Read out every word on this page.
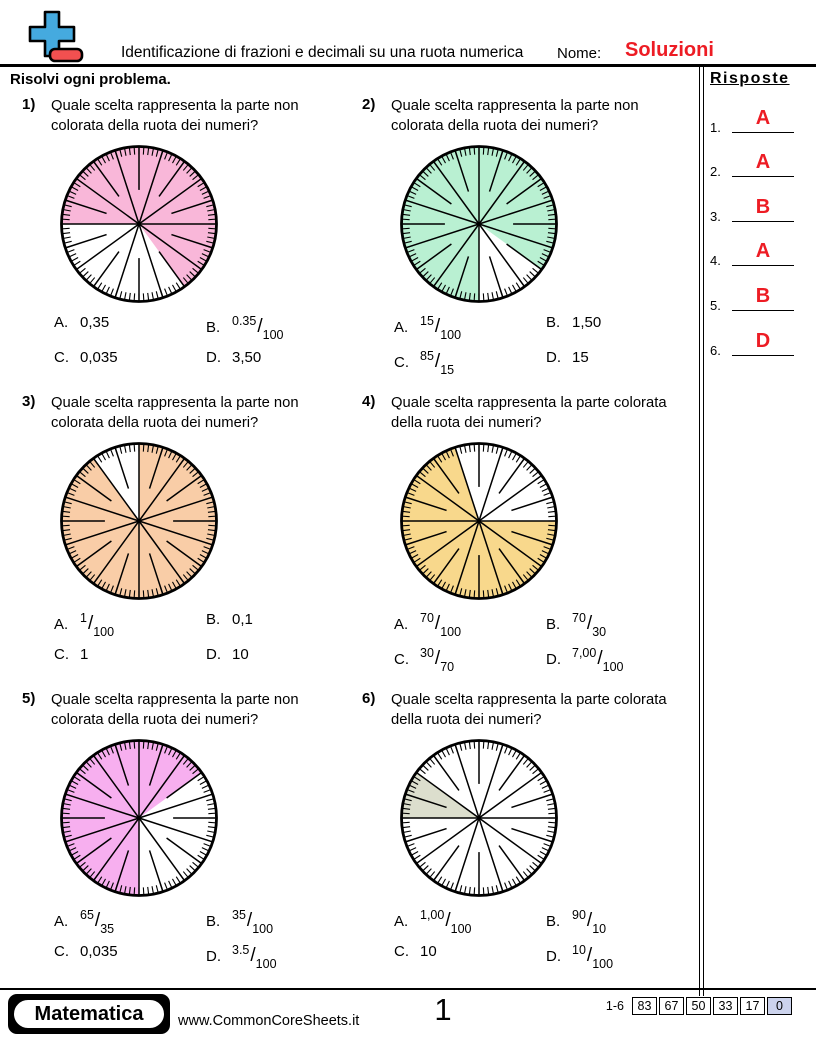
Identificazione di frazioni e decimali su una ruota numerica Nome: Soluzioni
Risolvi ogni problema.	Risposte
1.	A
2.	A
3.	B
4.	A
5.	B
6.	D
1)	Quale scelta rappresenta la parte non colorata della ruota dei numeri?
A. 0,35	B. $^{0.35}/_{100}$
C. 0,035	D. 3,50
2)	Quale scelta rappresenta la parte non colorata della ruota dei numeri?
A. $^{15}/_{100}$
B. 1,50
C. $^{85}/_{15}$
D. 15
3)	Quale scelta rappresenta la parte non colorata della ruota dei numeri?
A. $^1/_{100}$
B. 0,1
C. 1	D. 10
4)	Quale scelta rappresenta la parte colorata della ruota dei numeri?
A. $^{70}/_{100}$	B. $^{70}/_{30}$
C. $^{30}/_{70}$	D. $^{7,00}/_{100}$
5)	Quale scelta rappresenta la parte non colorata della ruota dei numeri?
A. $^{65}/_{35}$	B. $^{35}/_{100}$
C. 0,035	D. $^{3.5}/_{100}$
6)	Quale scelta rappresenta la parte colorata della ruota dei numeri?
A. $^{1,00}/_{100}$	B. $^{90}/_{10}$
C. 10	D. $^{10}/_{100}$
Matematica	www.CommonCoreSheets.it	1	1-6	83	67	50	33	17	0
